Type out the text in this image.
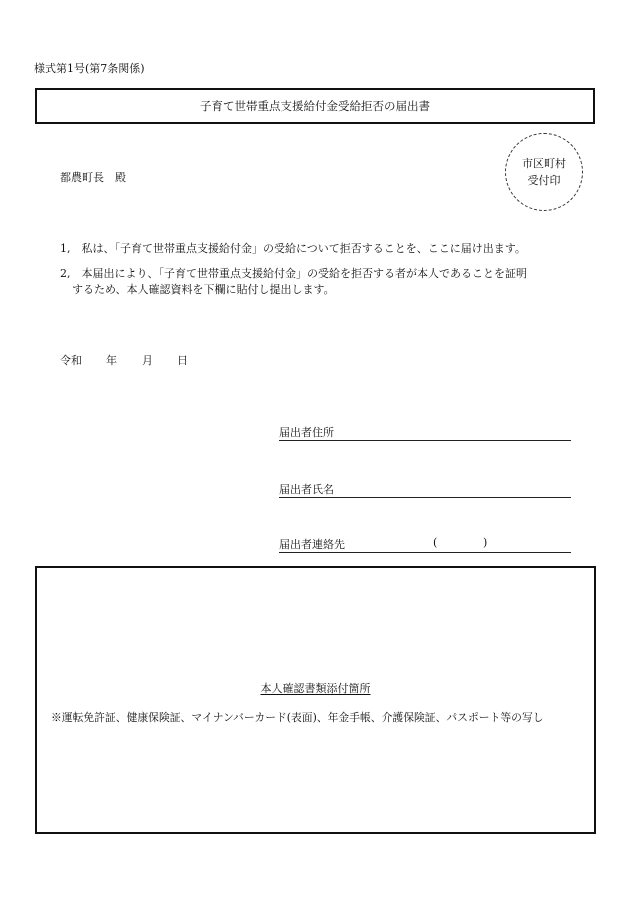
様式第1号(第7条関係)
子育て世帯重点支援給付金受給拒否の届出書
都農町長　殿
市区町村
受付印
1,　私は、「子育て世帯重点支援給付金」の受給について拒否することを、ここに届け出ます。
2,　本届出により、「子育て世帯重点支援給付金」の受給を拒否する者が本人であることを証明
するため、本人確認資料を下欄に貼付し提出します。
令和 年 月 日
届出者住所
届出者氏名
届出者連絡先	(	)
本人確認書類添付箇所
※運転免許証、健康保険証、マイナンバーカード(表面)、年金手帳、介護保険証、パスポート等の写し
